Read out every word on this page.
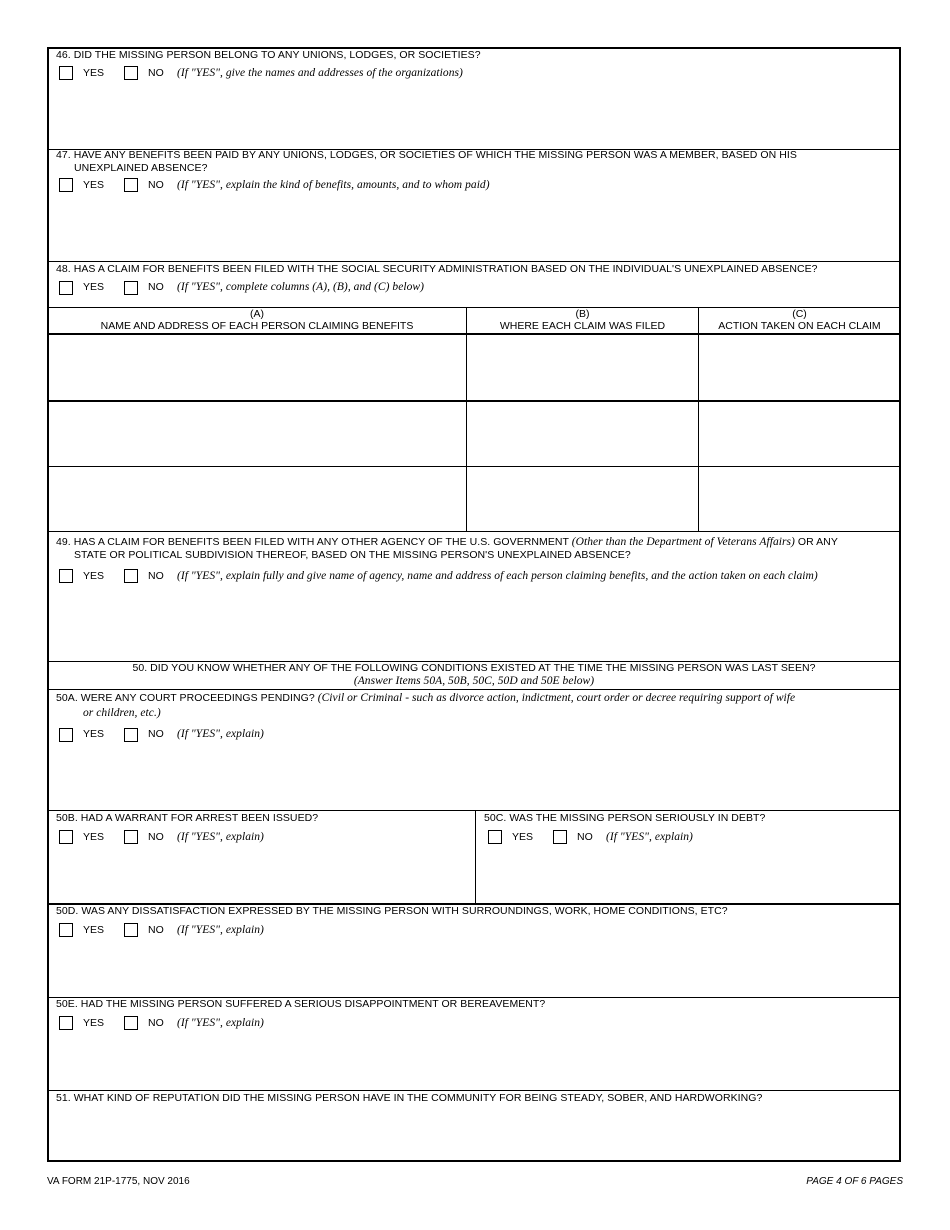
46. DID THE MISSING PERSON BELONG TO ANY UNIONS, LODGES, OR SOCIETIES?
YES	NO (If "YES", give the names and addresses of the organizations)
47. HAVE ANY BENEFITS BEEN PAID BY ANY UNIONS, LODGES, OR SOCIETIES OF WHICH THE MISSING PERSON WAS A MEMBER, BASED ON HIS
UNEXPLAINED ABSENCE?
YES	NO (If "YES", explain the kind of benefits, amounts, and to whom paid)
48. HAS A CLAIM FOR BENEFITS BEEN FILED WITH THE SOCIAL SECURITY ADMINISTRATION BASED ON THE INDIVIDUAL'S UNEXPLAINED ABSENCE?
YES	NO (If "YES", complete columns (A), (B), and (C) below)
(A)
NAME AND ADDRESS OF EACH PERSON CLAIMING BENEFITS
(B)
WHERE EACH CLAIM WAS FILED
(C)
ACTION TAKEN ON EACH CLAIM
49. HAS A CLAIM FOR BENEFITS BEEN FILED WITH ANY OTHER AGENCY OF THE U.S. GOVERNMENT (Other than the Department of Veterans Affairs) OR ANY
STATE OR POLITICAL SUBDIVISION THEREOF, BASED ON THE MISSING PERSON'S UNEXPLAINED ABSENCE?
YES	NO (If "YES", explain fully and give name of agency, name and address of each person claiming benefits, and the action taken on each claim)
50. DID YOU KNOW WHETHER ANY OF THE FOLLOWING CONDITIONS EXISTED AT THE TIME THE MISSING PERSON WAS LAST SEEN?
(Answer Items 50A, 50B, 50C, 50D and 50E below)
50A. WERE ANY COURT PROCEEDINGS PENDING? (Civil or Criminal - such as divorce action, indictment, court order or decree requiring support of wife
or children, etc.)
YES	NO (If "YES", explain)
50B. HAD A WARRANT FOR ARREST BEEN ISSUED?
YES	NO (If "YES", explain)
50C. WAS THE MISSING PERSON SERIOUSLY IN DEBT?
YES	NO (If "YES", explain)
50D. WAS ANY DISSATISFACTION EXPRESSED BY THE MISSING PERSON WITH SURROUNDINGS, WORK, HOME CONDITIONS, ETC?
YES	NO (If "YES", explain)
50E. HAD THE MISSING PERSON SUFFERED A SERIOUS DISAPPOINTMENT OR BEREAVEMENT?
YES	NO (If "YES", explain)
51. WHAT KIND OF REPUTATION DID THE MISSING PERSON HAVE IN THE COMMUNITY FOR BEING STEADY, SOBER, AND HARDWORKING?
VA FORM 21P-1775, NOV 2016	PAGE 4 OF 6 PAGES
